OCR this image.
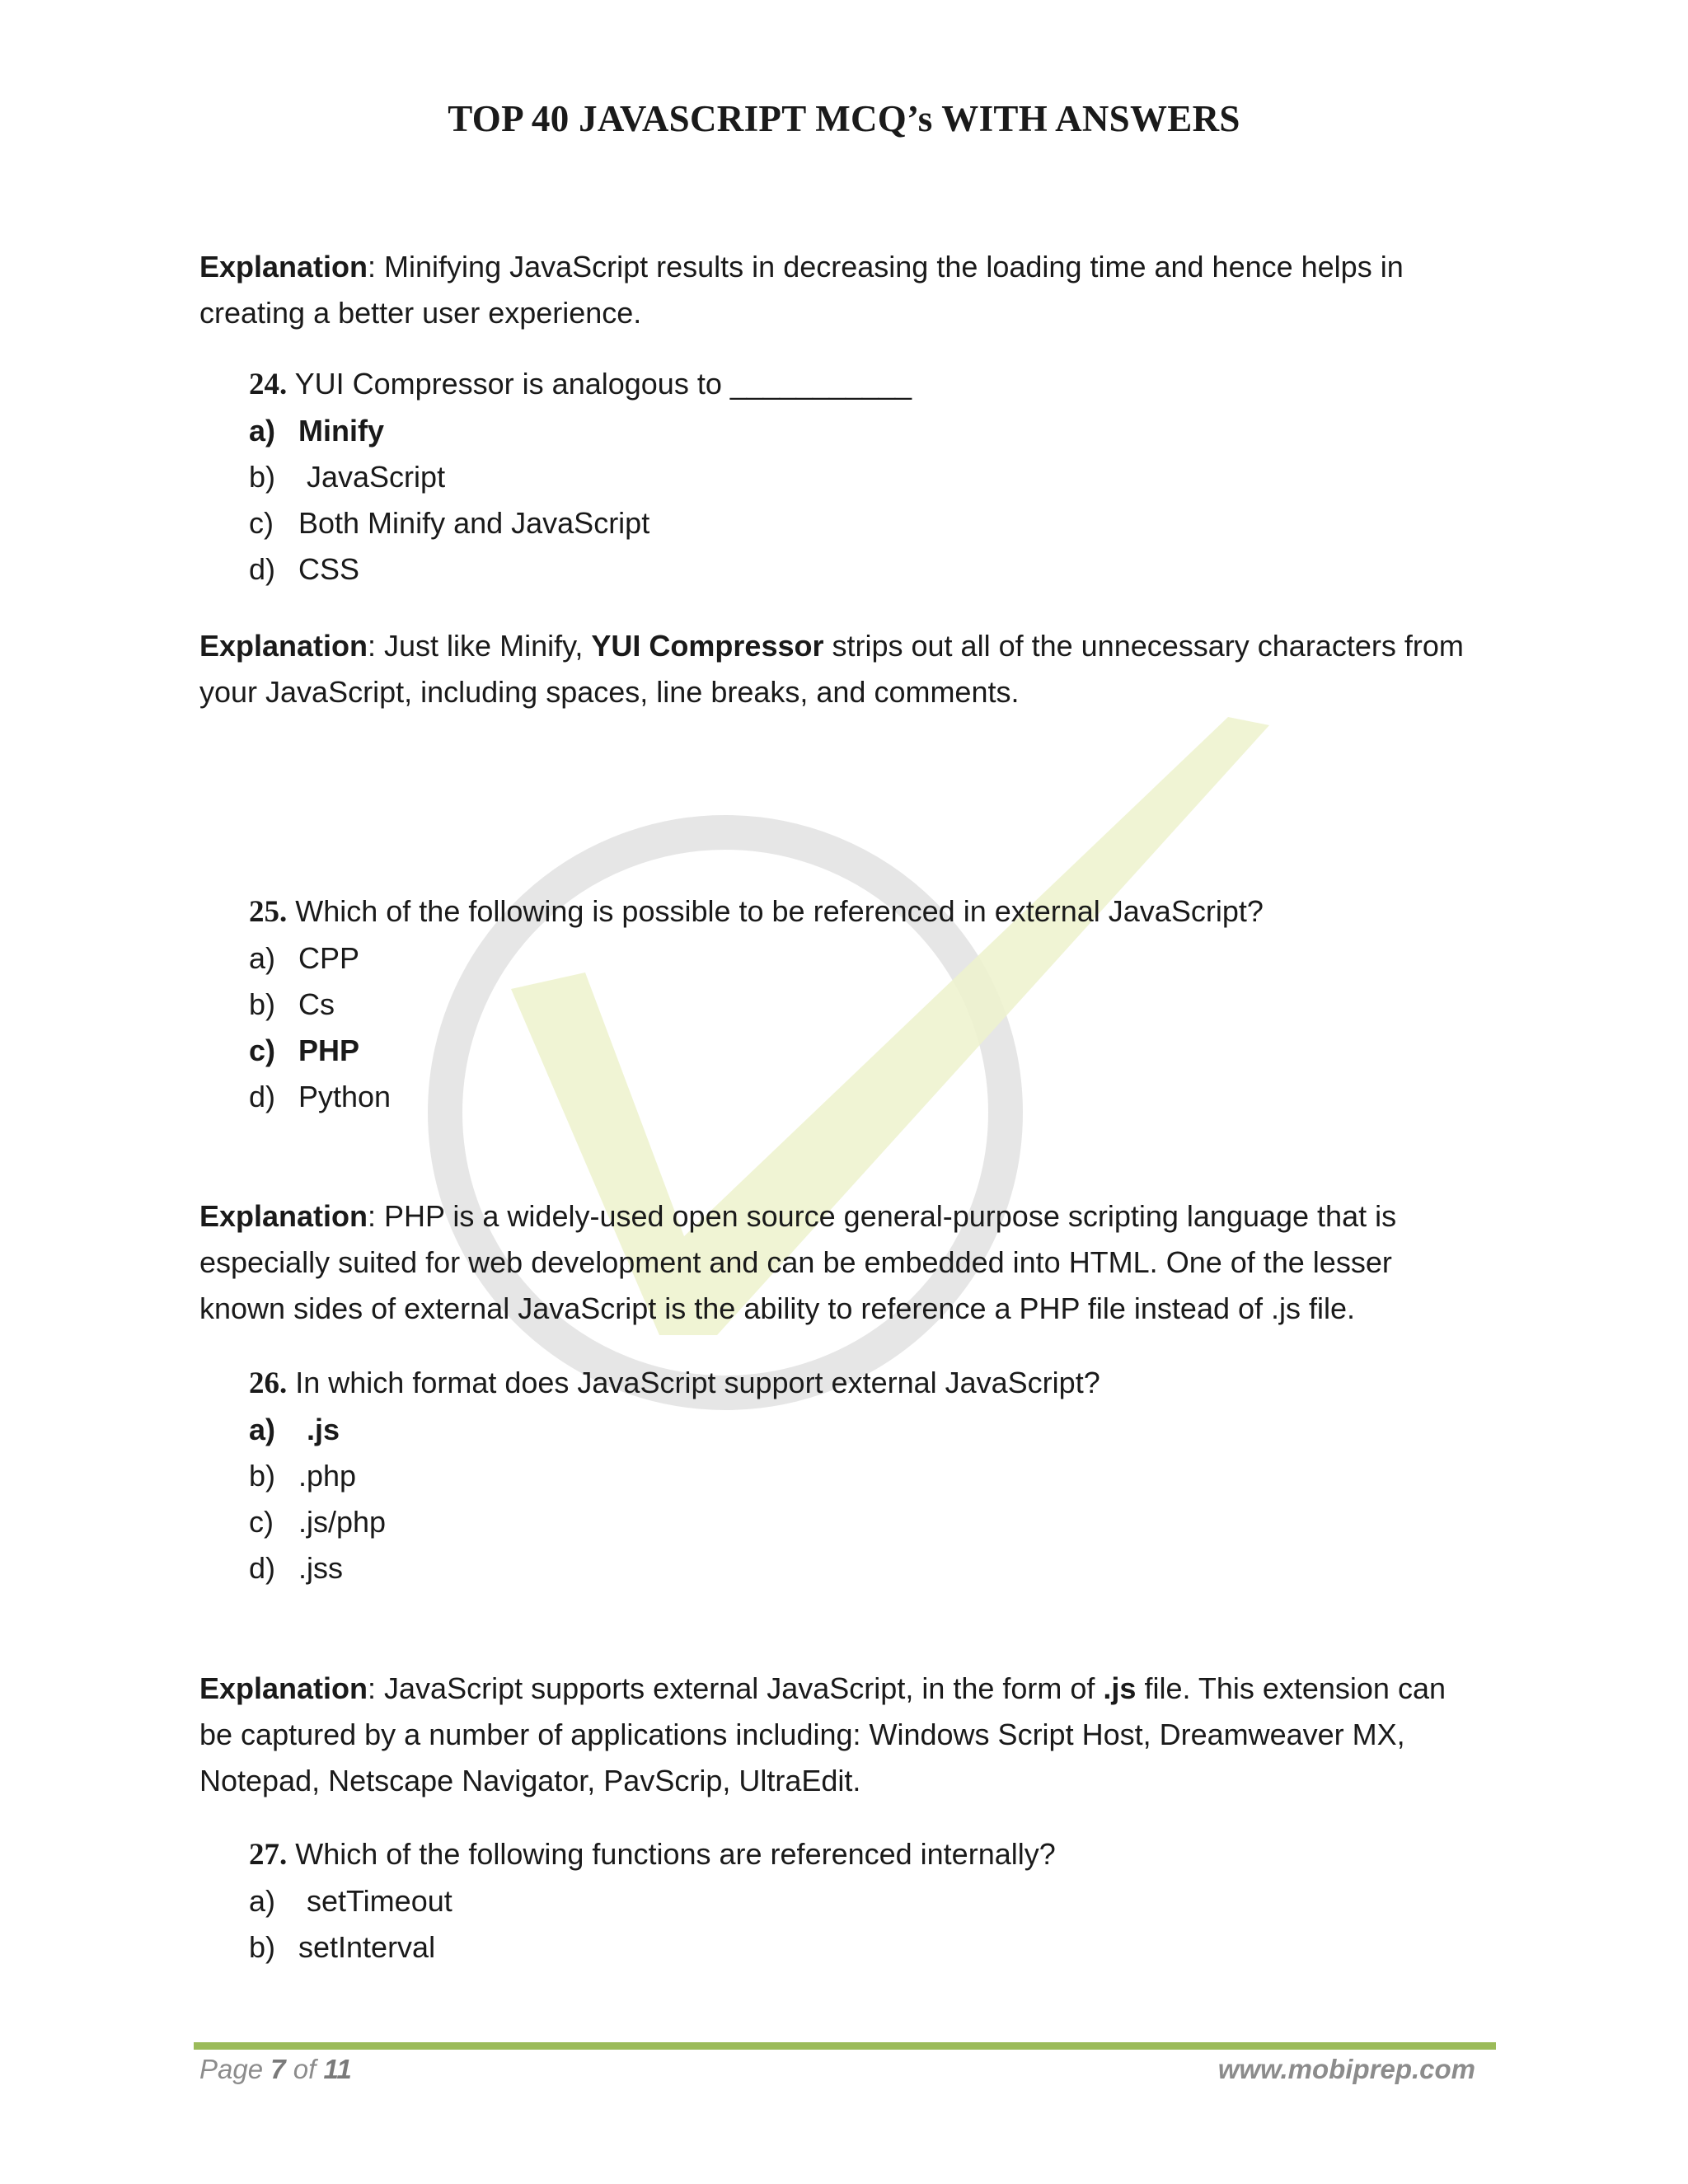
TOP 40 JAVASCRIPT MCQ’s WITH ANSWERS
Explanation: Minifying JavaScript results in decreasing the loading time and hence helps in creating a better user experience.
24. YUI Compressor is analogous to ___________
a) Minify
b) JavaScript
c) Both Minify and JavaScript
d) CSS
Explanation: Just like Minify, YUI Compressor strips out all of the unnecessary characters from your JavaScript, including spaces, line breaks, and comments.
25. Which of the following is possible to be referenced in external JavaScript?
a) CPP
b) Cs
c) PHP
d) Python
Explanation: PHP is a widely-used open source general-purpose scripting language that is especially suited for web development and can be embedded into HTML. One of the lesser known sides of external JavaScript is the ability to reference a PHP file instead of .js file.
26. In which format does JavaScript support external JavaScript?
a) .js
b) .php
c) .js/php
d) .jss
Explanation: JavaScript supports external JavaScript, in the form of .js file. This extension can be captured by a number of applications including: Windows Script Host, Dreamweaver MX, Notepad, Netscape Navigator, PavScrip, UltraEdit.
27. Which of the following functions are referenced internally?
a) setTimeout
b) setInterval
Page 7 of 11	www.mobiprep.com
